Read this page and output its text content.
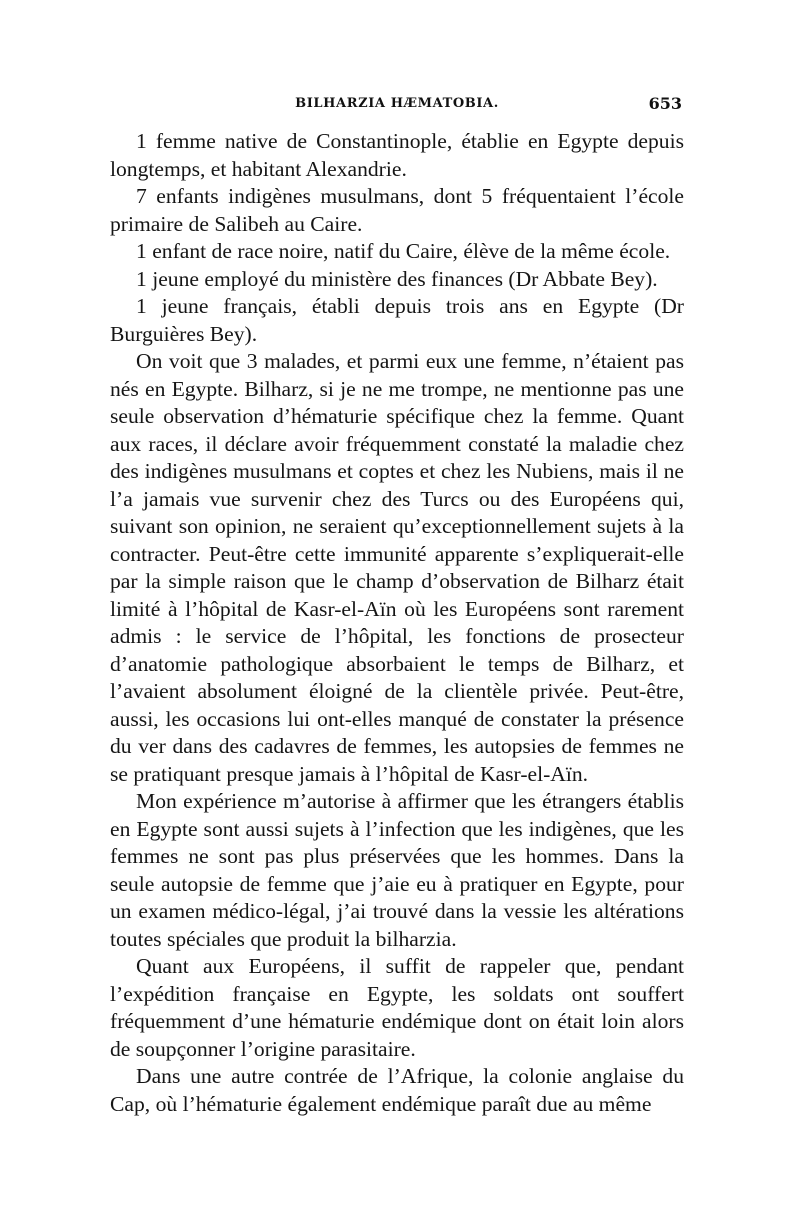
BILHARZIA HÆMATOBIA.	653

1 femme native de Constantinople, établie en Egypte depuis longtemps, et habitant Alexandrie.

7 enfants indigènes musulmans, dont 5 fréquentaient l’école primaire de Salibeh au Caire.

1 enfant de race noire, natif du Caire, élève de la même école.

1 jeune employé du ministère des finances (Dr Abbate Bey).

1 jeune français, établi depuis trois ans en Egypte (Dr Burguières Bey).

On voit que 3 malades, et parmi eux une femme, n’étaient pas nés en Egypte. Bilharz, si je ne me trompe, ne mentionne pas une seule observation d’hématurie spécifique chez la femme. Quant aux races, il déclare avoir fréquemment constaté la maladie chez des indigènes musulmans et coptes et chez les Nubiens, mais il ne l’a jamais vue survenir chez des Turcs ou des Européens qui, suivant son opinion, ne seraient qu’exceptionnellement sujets à la contracter. Peut-être cette immunité apparente s’expliquerait-elle par la simple raison que le champ d’observation de Bilharz était limité à l’hôpital de Kasr-el-Aïn où les Européens sont rarement admis : le service de l’hôpital, les fonctions de prosecteur d’anatomie pathologique absorbaient le temps de Bilharz, et l’avaient absolument éloigné de la clientèle privée. Peut-être, aussi, les occasions lui ont-elles manqué de constater la présence du ver dans des cadavres de femmes, les autopsies de femmes ne se pratiquant presque jamais à l’hôpital de Kasr-el-Aïn.

Mon expérience m’autorise à affirmer que les étrangers établis en Egypte sont aussi sujets à l’infection que les indigènes, que les femmes ne sont pas plus préservées que les hommes. Dans la seule autopsie de femme que j’aie eu à pratiquer en Egypte, pour un examen médico-légal, j’ai trouvé dans la vessie les altérations toutes spéciales que produit la bilharzia.

Quant aux Européens, il suffit de rappeler que, pendant l’expédition française en Egypte, les soldats ont souffert fréquemment d’une hématurie endémique dont on était loin alors de soupçonner l’origine parasitaire.

Dans une autre contrée de l’Afrique, la colonie anglaise du Cap, où l’hématurie également endémique paraît due au même
